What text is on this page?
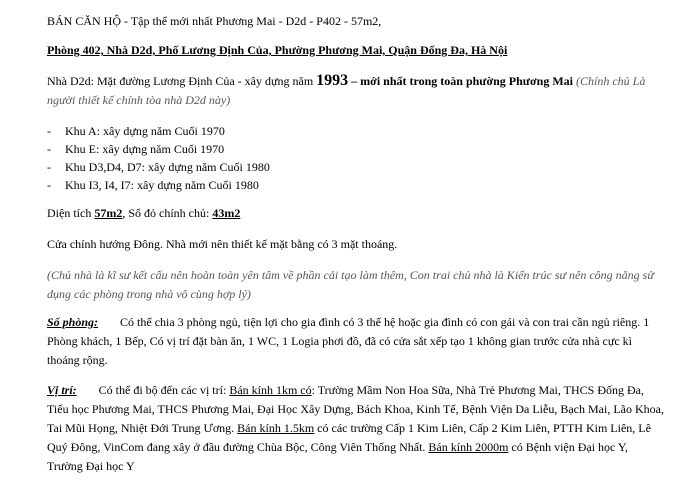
BÁN CĂN HỘ - Tập thể mới nhất Phương Mai - D2d - P402 - 57m2,

Phòng 402, Nhà D2d, Phố Lương Định Của, Phường Phương Mai, Quận Đống Đa, Hà Nội

Nhà D2d: Mặt đường Lương Định Của - xây dựng năm 1993 – mới nhất trong toàn phường Phương Mai (Chính chủ Là người thiết kế chính tòa nhà D2d này)

- Khu A: xây dựng năm Cuối 1970
- Khu E: xây dựng năm Cuối 1970
- Khu D3,D4, D7: xây dựng năm Cuối 1980
- Khu I3, I4, I7: xây dựng năm Cuối 1980

Diện tích 57m2, Sổ đỏ chính chủ: 43m2

Cửa chính hướng Đông. Nhà mới nên thiết kế mặt bằng có 3 mặt thoáng.

(Chủ nhà là kĩ sư kết cấu nên hoàn toàn yên tâm về phần cải tạo làm thêm, Con trai chủ nhà là Kiến trúc sư nên công năng sử dụng các phòng trong nhà vô cùng hợp lý)

Số phòng: Có thể chia 3 phòng ngủ, tiện lợi cho gia đình có 3 thế hệ hoặc gia đình có con gái và con trai cần ngủ riêng. 1 Phòng khách, 1 Bếp, Có vị trí đặt bàn ăn, 1 WC, 1 Logia phơi đồ, đã có cửa sắt xếp tạo 1 không gian trước cửa nhà cực kì thoáng rộng.

Vị trí: Có thể đi bộ đến các vị trí: Bán kính 1km có: Trường Mầm Non Hoa Sữa, Nhà Trẻ Phương Mai, THCS Đống Đa, Tiểu học Phương Mai, THCS Phương Mai, Đại Học Xây Dựng, Bách Khoa, Kinh Tế, Bệnh Viện Da Liễu, Bạch Mai, Lão Khoa, Tai Mũi Họng, Nhiệt Đới Trung Ương. Bán kính 1.5km có các trường Cấp 1 Kim Liên, Cấp 2 Kim Liên, PTTH Kim Liên, Lê Quý Đông, VinCom đang xây ở đầu đường Chùa Bộc, Công Viên Thống Nhất. Bán kính 2000m có Bệnh viện Đại học Y, Trường Đại học Y
